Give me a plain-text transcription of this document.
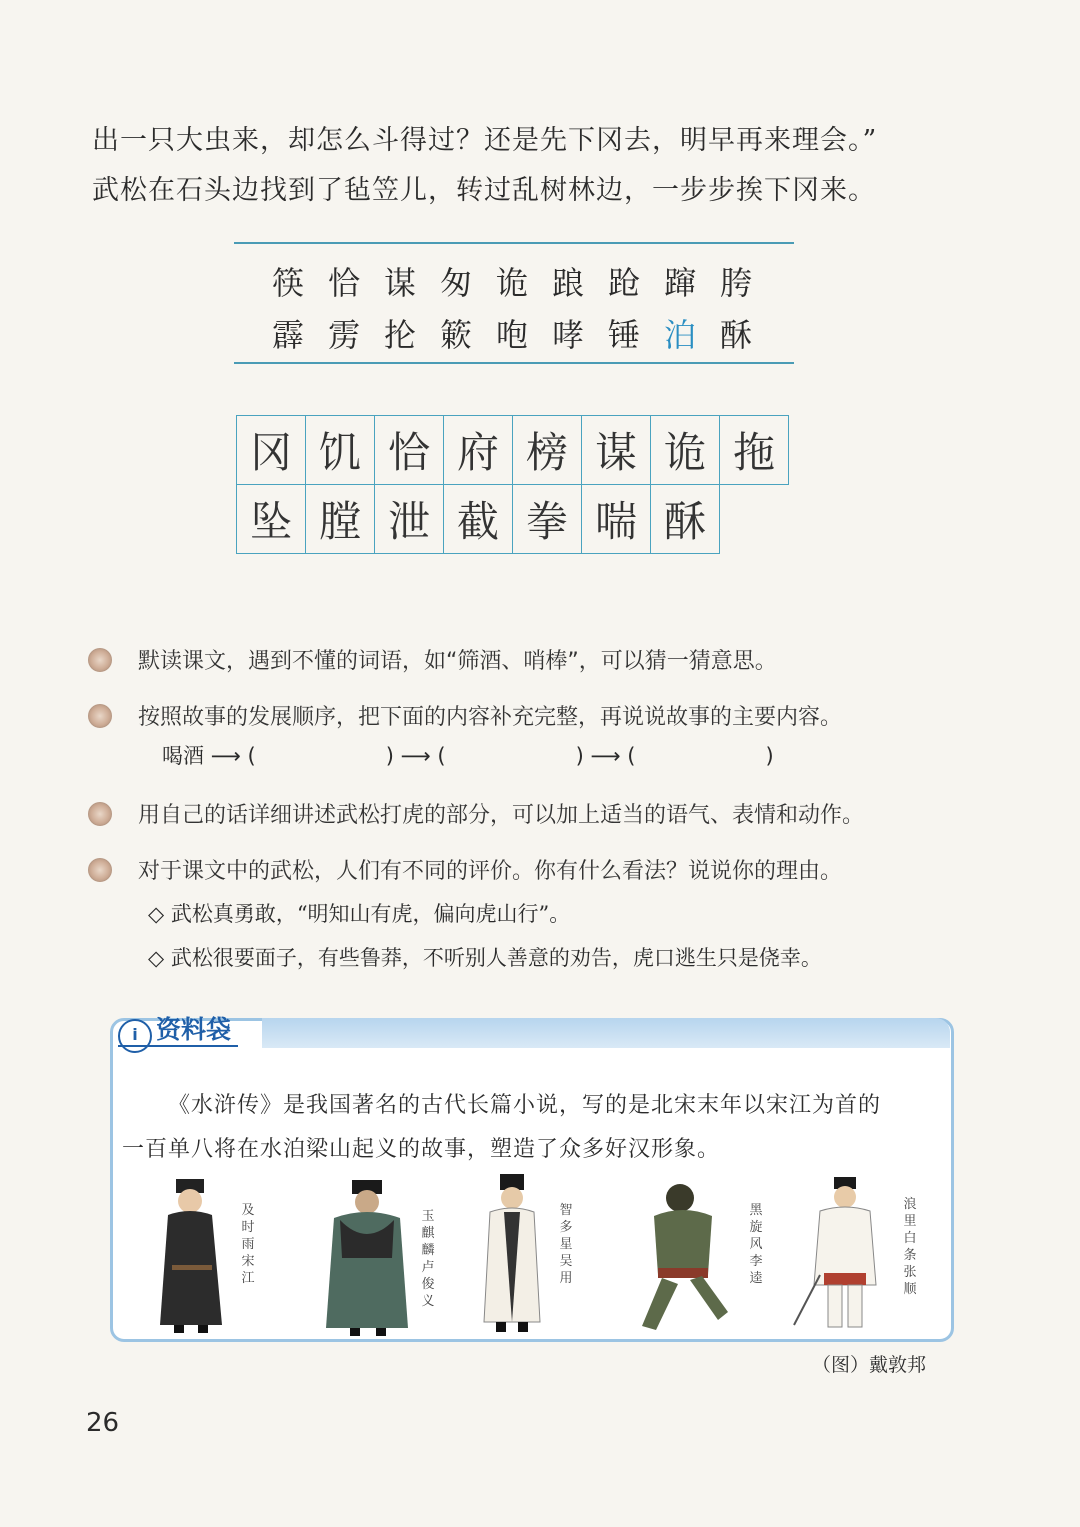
出一只大虫来，却怎么斗得过？还是先下冈去，明早再来理会。”
武松在石头边找到了毡笠儿，转过乱树林边，一步步挨下冈来。
筷 恰 谋 匆 诡 踉 跄 蹿 胯
霹 雳 抡 簌 咆 哮 锤 泊 酥
冈	饥	恰	府	榜	谋	诡	拖
坠	膛	泄	截	拳	喘	酥	
默读课文，遇到不懂的词语，如“筛酒、哨棒”，可以猜一猜意思。
按照故事的发展顺序，把下面的内容补充完整，再说说故事的主要内容。
喝酒 ⟶ (	) ⟶ (	) ⟶ (	)
用自己的话详细讲述武松打虎的部分，可以加上适当的语气、表情和动作。
对于课文中的武松，人们有不同的评价。你有什么看法？说说你的理由。
◇ 武松真勇敢，“明知山有虎，偏向虎山行”。
◇ 武松很要面子，有些鲁莽，不听别人善意的劝告，虎口逃生只是侥幸。
i 资料袋
《水浒传》是我国著名的古代长篇小说，写的是北宋末年以宋江为首的
一百单八将在水泊梁山起义的故事，塑造了众多好汉形象。
及时雨宋江
玉麒麟卢俊义
智多星吴用
黑旋风李逵
浪里白条张顺
（图）戴敦邦
26
